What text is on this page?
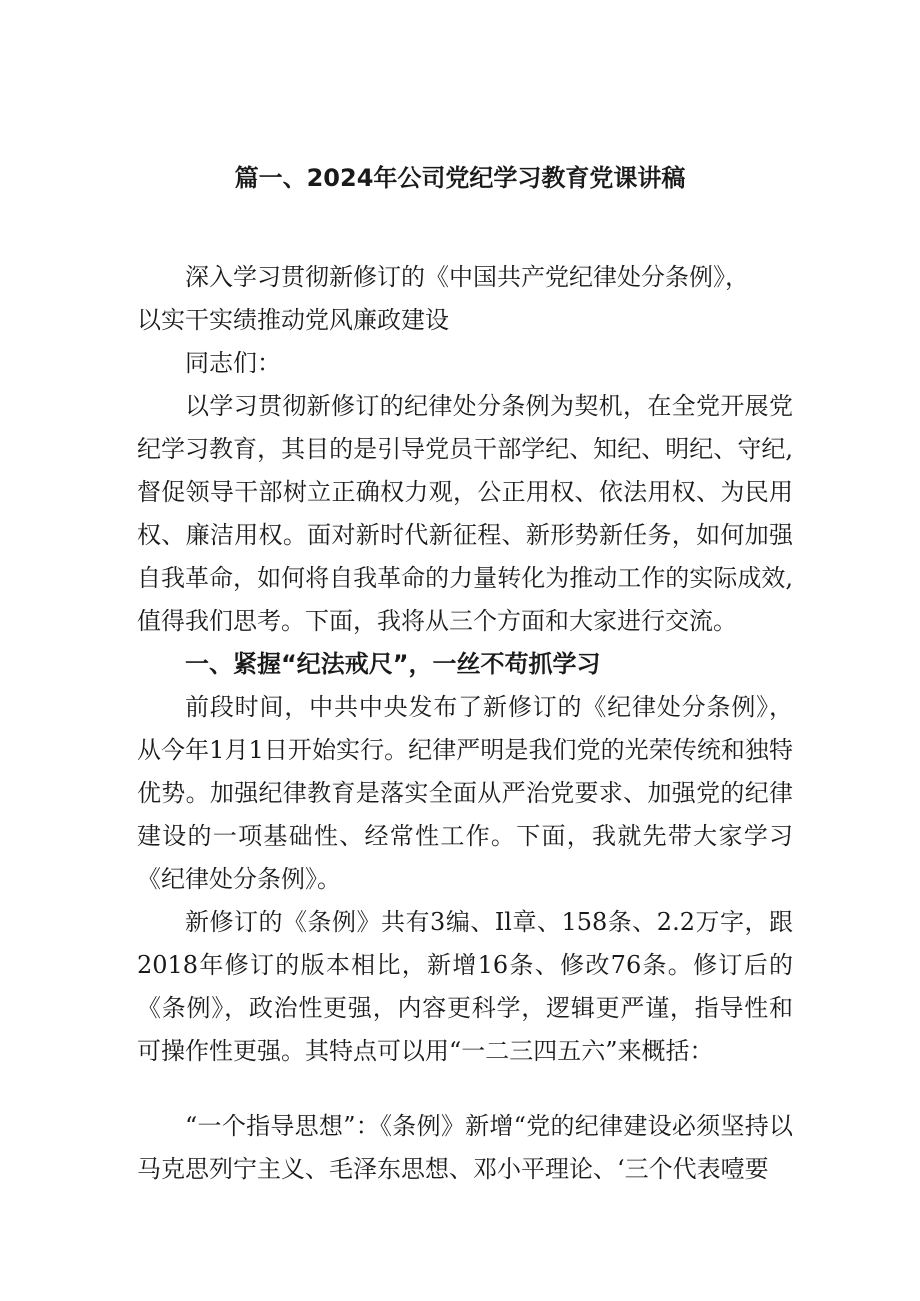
篇一、2024年公司党纪学习教育党课讲稿

深入学习贯彻新修订的《中国共产党纪律处分条例》，

以实干实绩推动党风廉政建设

同志们：

以学习贯彻新修订的纪律处分条例为契机，在全党开展党纪学习教育，其目的是引导党员干部学纪、知纪、明纪、守纪,督促领导干部树立正确权力观，公正用权、依法用权、为民用权、廉洁用权。面对新时代新征程、新形势新任务，如何加强自我革命，如何将自我革命的力量转化为推动工作的实际成效,值得我们思考。下面，我将从三个方面和大家进行交流。

一、紧握“纪法戒尺”，一丝不苟抓学习

前段时间，中共中央发布了新修订的《纪律处分条例》，从今年1月1日开始实行。纪律严明是我们党的光荣传统和独特优势。加强纪律教育是落实全面从严治党要求、加强党的纪律建设的一项基础性、经常性工作。下面，我就先带大家学习《纪律处分条例》。

新修订的《条例》共有3编、Il章、158条、2.2万字，跟2018年修订的版本相比，新增16条、修改76条。修订后的《条例》，政治性更强，内容更科学，逻辑更严谨，指导性和可操作性更强。其特点可以用“一二三四五六”来概括：

“一个指导思想”：《条例》新增“党的纪律建设必须坚持以马克思列宁主义、毛泽东思想、邓小平理论、‘三个代表噎要
